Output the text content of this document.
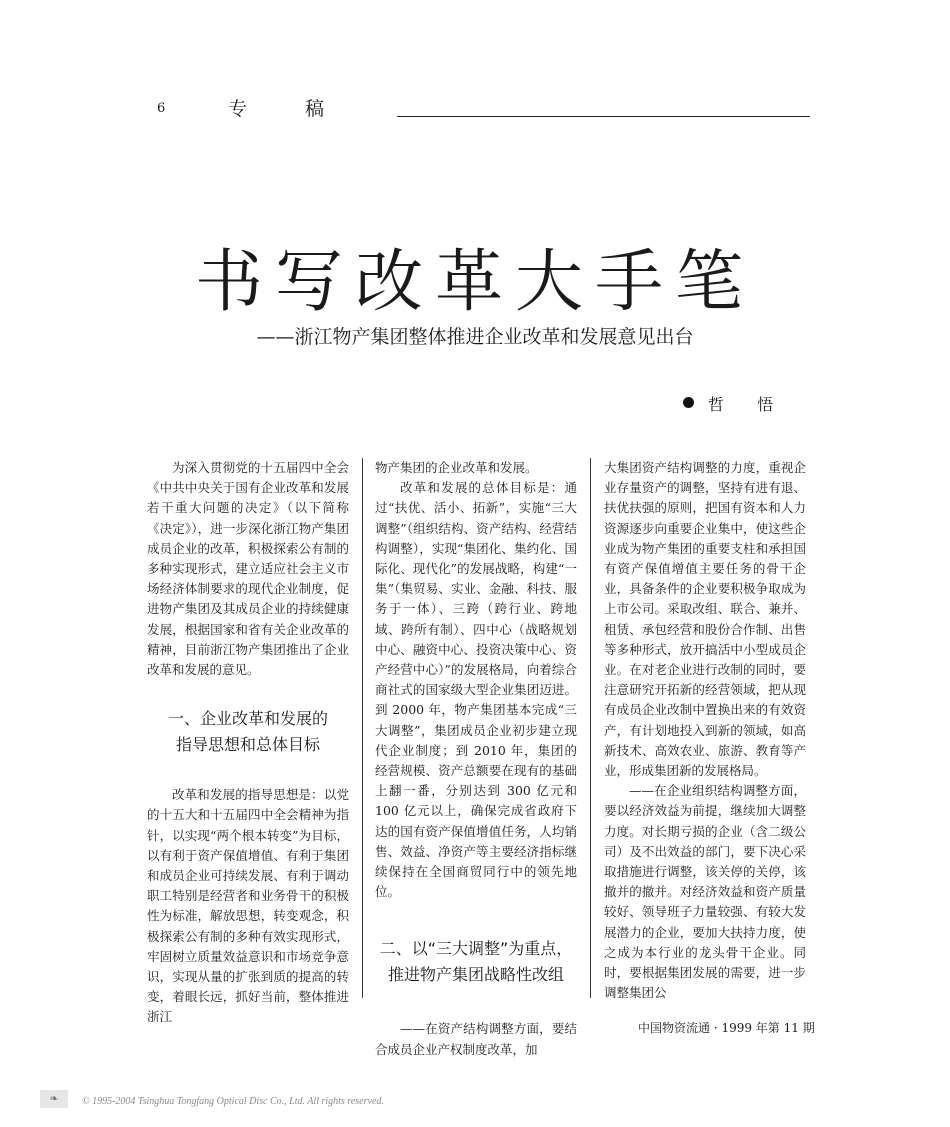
6	专稿
书写改革大手笔
——浙江物产集团整体推进企业改革和发展意见出台
哲 悟

为深入贯彻党的十五届四中全会《中共中央关于国有企业改革和发展若干重大问题的决定》（以下简称《决定》），进一步深化浙江物产集团成员企业的改革，积极探索公有制的多种实现形式，建立适应社会主义市场经济体制要求的现代企业制度，促进物产集团及其成员企业的持续健康发展，根据国家和省有关企业改革的精神，目前浙江物产集团推出了企业改革和发展的意见。

一、企业改革和发展的
指导思想和总体目标

改革和发展的指导思想是：以党的十五大和十五届四中全会精神为指针，以实现“两个根本转变”为目标，以有利于资产保值增值、有利于集团和成员企业可持续发展、有利于调动职工特别是经营者和业务骨干的积极性为标准，解放思想，转变观念，积极探索公有制的多种有效实现形式，牢固树立质量效益意识和市场竞争意识，实现从量的扩张到质的提高的转变，着眼长远，抓好当前，整体推进浙江

物产集团的企业改革和发展。

改革和发展的总体目标是：通过“扶优、活小、拓新”，实施“三大调整”（组织结构、资产结构、经营结构调整），实现“集团化、集约化、国际化、现代化”的发展战略，构建“一集”（集贸易、实业、金融、科技、服务于一体）、三跨（跨行业、跨地域、跨所有制）、四中心（战略规划中心、融资中心、投资决策中心、资产经营中心）”的发展格局，向着综合商社式的国家级大型企业集团迈进。到 2000 年，物产集团基本完成“三大调整”，集团成员企业初步建立现代企业制度；到 2010 年，集团的经营规模、资产总额要在现有的基础上翻一番，分别达到 300 亿元和 100 亿元以上，确保完成省政府下达的国有资产保值增值任务，人均销售、效益、净资产等主要经济指标继续保持在全国商贸同行中的领先地位。

二、以“三大调整”为重点，
推进物产集团战略性改组

——在资产结构调整方面，要结合成员企业产权制度改革，加

大集团资产结构调整的力度，重视企业存量资产的调整，坚持有进有退、扶优扶强的原则，把国有资本和人力资源逐步向重要企业集中，使这些企业成为物产集团的重要支柱和承担国有资产保值增值主要任务的骨干企业，具备条件的企业要积极争取成为上市公司。采取改组、联合、兼并、租赁、承包经营和股份合作制、出售等多种形式，放开搞活中小型成员企业。在对老企业进行改制的同时，要注意研究开拓新的经营领域，把从现有成员企业改制中置换出来的有效资产，有计划地投入到新的领域，如高新技术、高效农业、旅游、教育等产业，形成集团新的发展格局。

——在企业组织结构调整方面，要以经济效益为前提，继续加大调整力度。对长期亏损的企业（含二级公司）及不出效益的部门，要下决心采取措施进行调整，该关停的关停，该撤并的撤并。对经济效益和资产质量较好、领导班子力量较强、有较大发展潜力的企业，要加大扶持力度，使之成为本行业的龙头骨干企业。同时，要根据集团发展的需要，进一步调整集团公

中国物资流通 · 1999 年第 11 期
❧	© 1995-2004 Tsinghua Tongfang Optical Disc Co., Ltd. All rights reserved.
